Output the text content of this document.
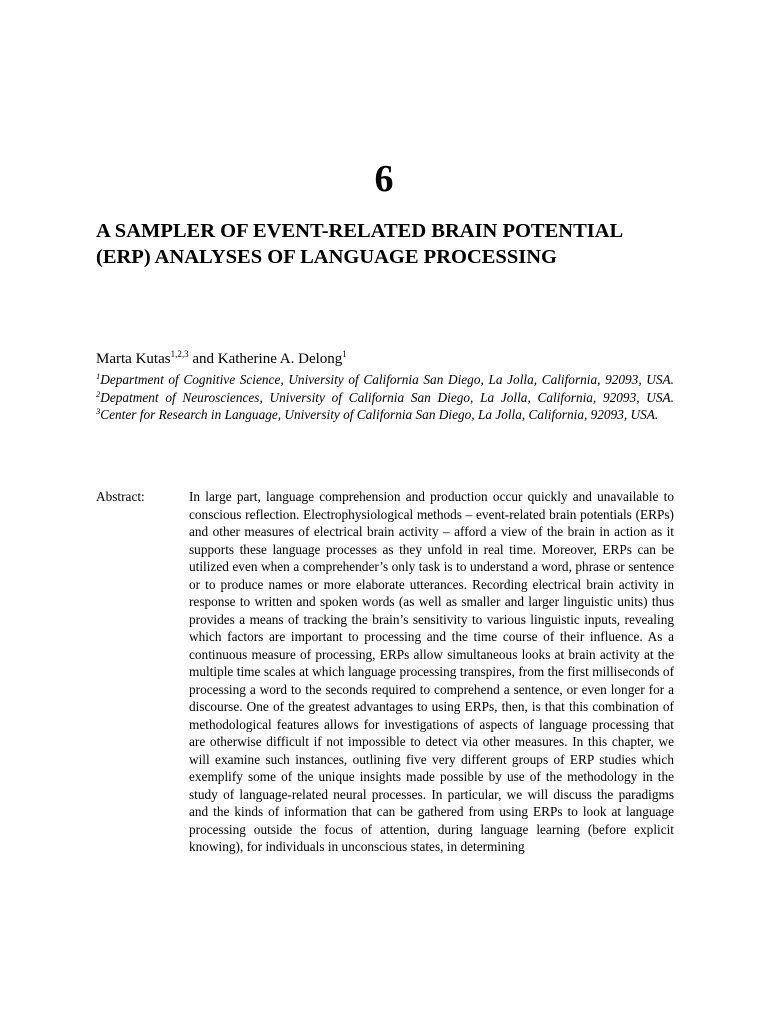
6
A SAMPLER OF EVENT-RELATED BRAIN POTENTIAL (ERP) ANALYSES OF LANGUAGE PROCESSING
Marta Kutas$^{1,2,3}$ and Katherine A. Delong$^1$
$^1$Department of Cognitive Science, University of California San Diego, La Jolla, California, 92093, USA. $^2$Depatment of Neurosciences, University of California San Diego, La Jolla, California, 92093, USA. $^3$Center for Research in Language, University of California San Diego, La Jolla, California, 92093, USA.
Abstract:	In large part, language comprehension and production occur quickly and unavailable to conscious reflection. Electrophysiological methods – event-related brain potentials (ERPs) and other measures of electrical brain activity – afford a view of the brain in action as it supports these language processes as they unfold in real time. Moreover, ERPs can be utilized even when a comprehender’s only task is to understand a word, phrase or sentence or to produce names or more elaborate utterances. Recording electrical brain activity in response to written and spoken words (as well as smaller and larger linguistic units) thus provides a means of tracking the brain’s sensitivity to various linguistic inputs, revealing which factors are important to processing and the time course of their influence. As a continuous measure of processing, ERPs allow simultaneous looks at brain activity at the multiple time scales at which language processing transpires, from the first milliseconds of processing a word to the seconds required to comprehend a sentence, or even longer for a discourse. One of the greatest advantages to using ERPs, then, is that this combination of methodological features allows for investigations of aspects of language processing that are otherwise difficult if not impossible to detect via other measures. In this chapter, we will examine such instances, outlining five very different groups of ERP studies which exemplify some of the unique insights made possible by use of the methodology in the study of language-related neural processes. In particular, we will discuss the paradigms and the kinds of information that can be gathered from using ERPs to look at language processing outside the focus of attention, during language learning (before explicit knowing), for individuals in unconscious states, in determining
